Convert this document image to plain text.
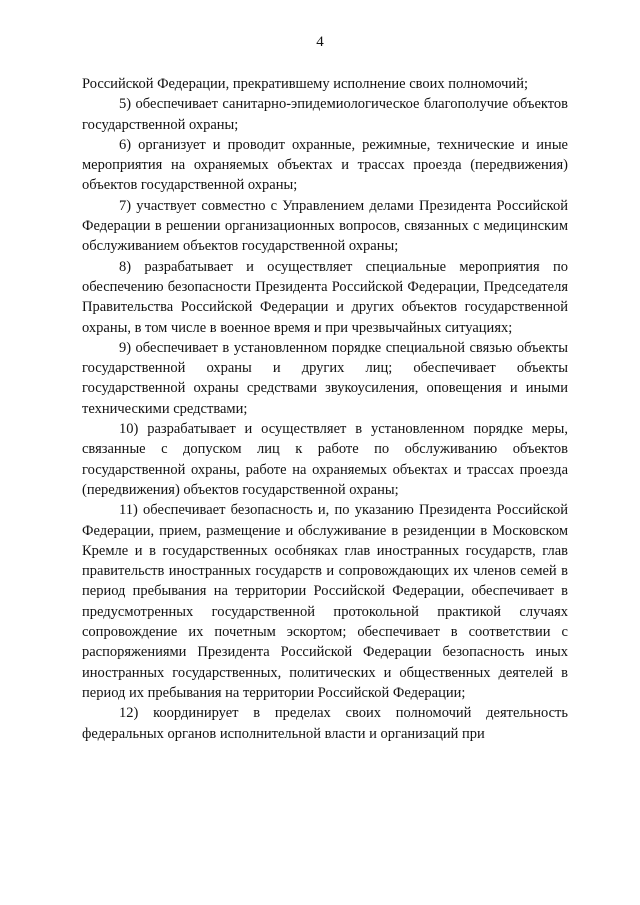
4

Российской Федерации, прекратившему исполнение своих полномочий;

5) обеспечивает санитарно-эпидемиологическое благополучие объектов государственной охраны;

6) организует и проводит охранные, режимные, технические и иные мероприятия на охраняемых объектах и трассах проезда (передвижения) объектов государственной охраны;

7) участвует совместно с Управлением делами Президента Российской Федерации в решении организационных вопросов, связанных с медицинским обслуживанием объектов государственной охраны;

8) разрабатывает и осуществляет специальные мероприятия по обеспечению безопасности Президента Российской Федерации, Председателя Правительства Российской Федерации и других объектов государственной охраны, в том числе в военное время и при чрезвычайных ситуациях;

9) обеспечивает в установленном порядке специальной связью объекты государственной охраны и других лиц; обеспечивает объекты государственной охраны средствами звукоусиления, оповещения и иными техническими средствами;

10) разрабатывает и осуществляет в установленном порядке меры, связанные с допуском лиц к работе по обслуживанию объектов государственной охраны, работе на охраняемых объектах и трассах проезда (передвижения) объектов государственной охраны;

11) обеспечивает безопасность и, по указанию Президента Российской Федерации, прием, размещение и обслуживание в резиденции в Московском Кремле и в государственных особняках глав иностранных государств, глав правительств иностранных государств и сопровождающих их членов семей в период пребывания на территории Российской Федерации, обеспечивает в предусмотренных государственной протокольной практикой случаях сопровождение их почетным эскортом; обеспечивает в соответствии с распоряжениями Президента Российской Федерации безопасность иных иностранных государственных, политических и общественных деятелей в период их пребывания на территории Российской Федерации;

12) координирует в пределах своих полномочий деятельность федеральных органов исполнительной власти и организаций при
